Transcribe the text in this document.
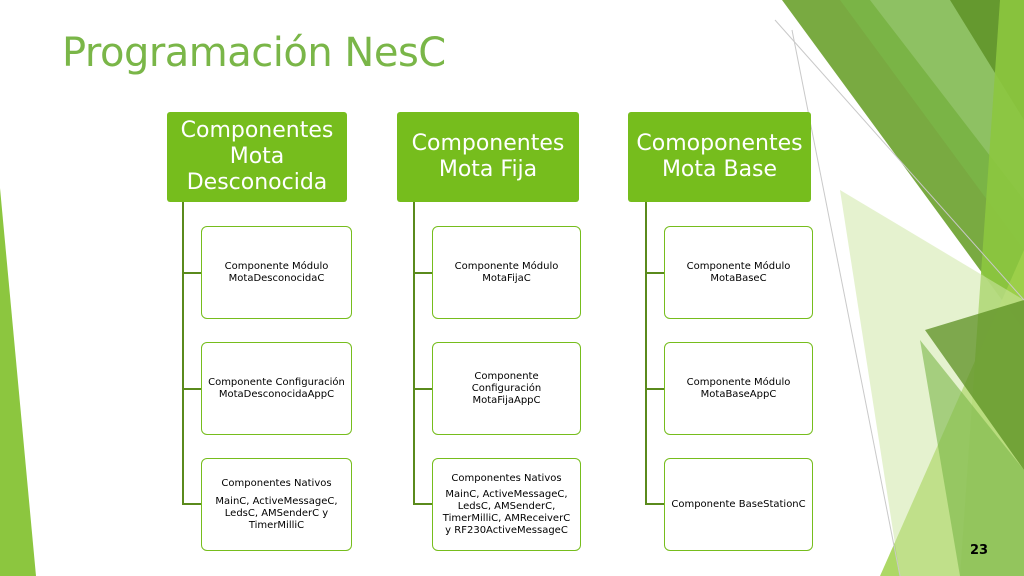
Programación NesC
Componentes Mota Desconocida
Componente Módulo MotaDesconocidaC
Componente Configuración MotaDesconocidaAppC
Componentes Nativos
MainC, ActiveMessageC, LedsC, AMSenderC y TimerMilliC
Componentes Mota Fija
Componente Módulo MotaFijaC
Componente Configuración MotaFijaAppC
Componentes Nativos
MainC, ActiveMessageC, LedsC, AMSenderC, TimerMilliC, AMReceiverC y RF230ActiveMessageC
Comoponentes Mota Base
Componente Módulo MotaBaseC
Componente Módulo MotaBaseAppC
Componente BaseStationC
23
